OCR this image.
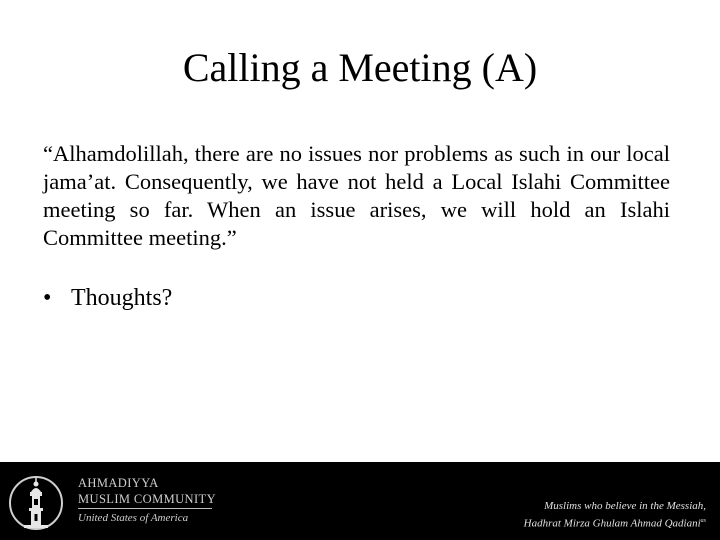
Calling a Meeting (A)

“Alhamdolillah, there are no issues nor problems as such in our local jama’at. Consequently, we have not held a Local Islahi Committee meeting so far. When an issue arises, we will hold an Islahi Committee meeting.”

• Thoughts?
AHMADIYYA
MUSLIM COMMUNITY
United States of America
Muslims who believe in the Messiah,
Hadhrat Mirza Ghulam Ahmad Qadiani$^{as}$
